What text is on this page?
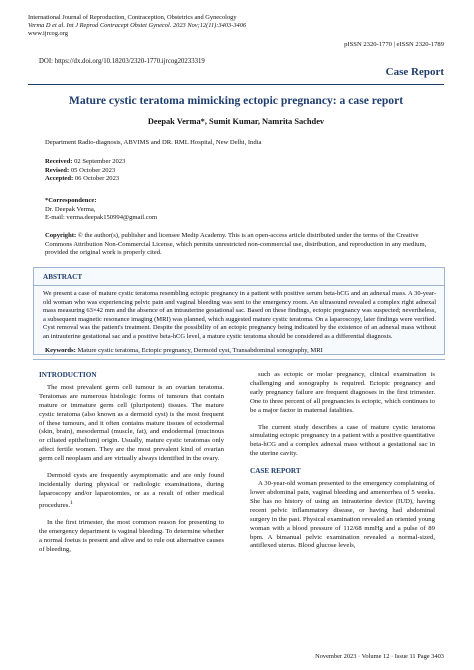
International Journal of Reproduction, Contraception, Obstetrics and Gynecology
Verma D et al. Int J Reprod Contracept Obstet Gynecol. 2023 Nov;12(11):3403-3406
www.ijrcog.org
pISSN 2320-1770 | eISSN 2320-1789
DOI: https://dx.doi.org/10.18203/2320-1770.ijrcog20233319
Case Report
Mature cystic teratoma mimicking ectopic pregnancy: a case report
Deepak Verma*, Sumit Kumar, Namrita Sachdev
Department Radio-diagnosis, ABVIMS and DR. RML Hospital, New Delhi, India
Received: 02 September 2023
Revised: 05 October 2023
Accepted: 06 October 2023
*Correspondence:
Dr. Deepak Verma,
E-mail: verma.deepak150994@gmail.com
Copyright: © the author(s), publisher and licensee Medip Academy. This is an open-access article distributed under the terms of the Creative Commons Attribution Non-Commercial License, which permits unrestricted non-commercial use, distribution, and reproduction in any medium, provided the original work is properly cited.
ABSTRACT
We present a case of mature cystic teratoma resembling ectopic pregnancy in a patient with positive serum beta-hCG and an adnexal mass. A 30-year-old woman who was experiencing pelvic pain and vaginal bleeding was sent to the emergency room. An ultrasound revealed a complex right adnexal mass measuring 63×42 mm and the absence of an intrauterine gestational sac. Based on these findings, ectopic pregnancy was suspected; nevertheless, a subsequent magnetic resonance imaging (MRI) was planned, which suggested mature cystic teratoma. On a laparoscopy, later findings were verified. Cyst removal was the patient's treatment. Despite the possibility of an ectopic pregnancy being indicated by the existence of an adnexal mass without an intrauterine gestational sac and a positive beta-hCG level, a mature cystic teratoma should be considered as a differential diagnosis.
Keywords: Mature cystic teratoma, Ectopic pregnancy, Dermoid cyst, Transabdominal sonography, MRI
INTRODUCTION
The most prevalent germ cell tumour is an ovarian teratoma. Teratomas are numerous histologic forms of tumours that contain mature or immature germ cell (pluripotent) tissues. The mature cystic teratoma (also known as a dermoid cyst) is the most frequent of these tumours, and it often contains mature tissues of ectodermal (skin, brain), mesodermal (muscle, fat), and endodermal (mucinous or ciliated epithelium) origin. Usually, mature cystic teratomas only affect fertile women. They are the most prevalent kind of ovarian germ cell neoplasm and are virtually always identified in the ovary.
Dermoid cysts are frequently asymptomatic and are only found incidentally during physical or radiologic examinations, during laparoscopy and/or laparotomies, or as a result of other medical procedures.$^1$
In the first trimester, the most common reason for presenting to the emergency department is vaginal bleeding. To determine whether a normal foetus is present and alive and to rule out alternative causes of bleeding,
such as ectopic or molar pregnancy, clinical examination is challenging and sonography is required. Ectopic pregnancy and early pregnancy failure are frequent diagnoses in the first trimester. One to three percent of all pregnancies is ectopic, which continues to be a major factor in maternal fatalities.
The current study describes a case of mature cystic teratoma simulating ectopic pregnancy in a patient with a positive quantitative beta-hCG and a complex adnexal mass without a gestational sac in the uterine cavity.
CASE REPORT
A 30-year-old woman presented to the emergency complaining of lower abdominal pain, vaginal bleeding and amenorrhea of 5 weeks. She has no history of using an intrauterine device (IUD), having recent pelvic inflammatory disease, or having had abdominal surgery in the past. Physical examination revealed an oriented young woman with a blood pressure of 112/68 mmHg and a pulse of 89 bpm. A bimanual pelvic examination revealed a normal-sized, antiflexed uterus. Blood glucose levels,
November 2023 · Volume 12 · Issue 11 Page 3403
